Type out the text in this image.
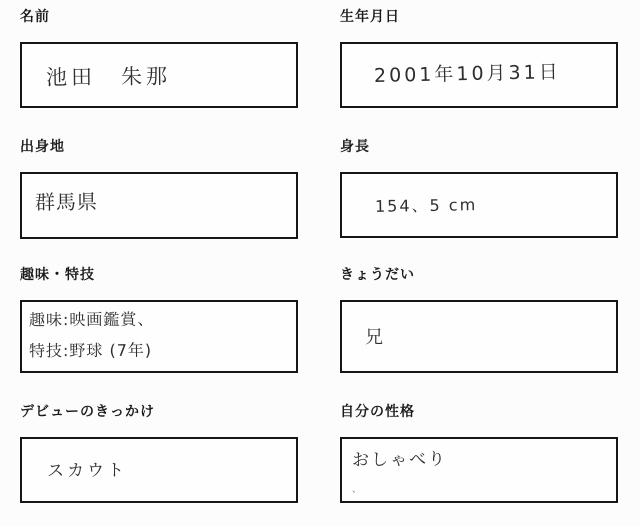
名前
池田　朱那
生年月日
2001年10月31日
出身地
群馬県
身長
154、5 cm
趣味・特技
趣味:映画鑑賞、
特技:野球 (7年)
きょうだい
兄
デビューのきっかけ
スカウト
自分の性格
おしゃべり
、
